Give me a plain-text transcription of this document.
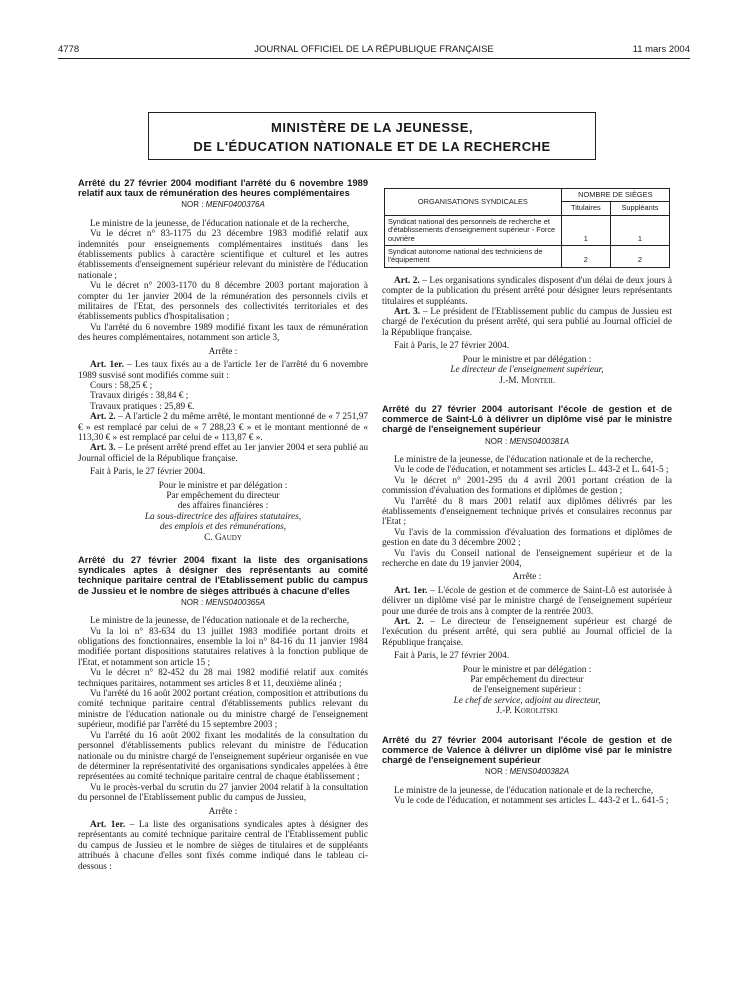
4778	JOURNAL OFFICIEL DE LA RÉPUBLIQUE FRANÇAISE	11 mars 2004
MINISTÈRE DE LA JEUNESSE,
DE L'ÉDUCATION NATIONALE ET DE LA RECHERCHE
Arrêté du 27 février 2004 modifiant l'arrêté du 6 novembre 1989 relatif aux taux de rémunération des heures complémentaires
NOR : MENF0400376A

Le ministre de la jeunesse, de l'éducation nationale et de la recherche,

Vu le décret n° 83-1175 du 23 décembre 1983 modifié relatif aux indemnités pour enseignements complémentaires institués dans les établissements publics à caractère scientifique et culturel et les autres établissements d'enseignement supérieur relevant du ministère de l'éducation nationale ;

Vu le décret n° 2003-1170 du 8 décembre 2003 portant majoration à compter du 1er janvier 2004 de la rémunération des personnels civils et militaires de l'Etat, des personnels des collectivités territoriales et des établissements publics d'hospitalisation ;

Vu l'arrêté du 6 novembre 1989 modifié fixant les taux de rémunération des heures complémentaires, notamment son article 3,

Arrête :

Art. 1er. – Les taux fixés au a de l'article 1er de l'arrêté du 6 novembre 1989 susvisé sont modifiés comme suit :

Cours : 58,25 € ;

Travaux dirigés : 38,84 € ;

Travaux pratiques : 25,89 €.

Art. 2. – A l'article 2 du même arrêté, le montant mentionné de « 7 251,97 € » est remplacé par celui de « 7 288,23 € » et le montant mentionné de « 113,30 € » est remplacé par celui de « 113,87 € ».

Art. 3. – Le présent arrêté prend effet au 1er janvier 2004 et sera publié au Journal officiel de la République française.

Fait à Paris, le 27 février 2004.

Pour le ministre et par délégation :
Par empêchement du directeur
des affaires financières :
La sous-directrice des affaires statutaires,
des emplois et des rémunérations,
C. Gaudy
Arrêté du 27 février 2004 fixant la liste des organisations syndicales aptes à désigner des représentants au comité technique paritaire central de l'Etablissement public du campus de Jussieu et le nombre de sièges attribués à chacune d'elles
NOR : MENS0400365A

Le ministre de la jeunesse, de l'éducation nationale et de la recherche,

Vu la loi n° 83-634 du 13 juillet 1983 modifiée portant droits et obligations des fonctionnaires, ensemble la loi n° 84-16 du 11 janvier 1984 modifiée portant dispositions statutaires relatives à la fonction publique de l'Etat, et notamment son article 15 ;

Vu le décret n° 82-452 du 28 mai 1982 modifié relatif aux comités techniques paritaires, notamment ses articles 8 et 11, deuxième alinéa ;

Vu l'arrêté du 16 août 2002 portant création, composition et attributions du comité technique paritaire central d'établissements publics relevant du ministre de l'éducation nationale ou du ministre chargé de l'enseignement supérieur, modifié par l'arrêté du 15 septembre 2003 ;

Vu l'arrêté du 16 août 2002 fixant les modalités de la consultation du personnel d'établissements publics relevant du ministre de l'éducation nationale ou du ministre chargé de l'enseignement supérieur organisée en vue de déterminer la représentativité des organisations syndicales appelées à être représentées au comité technique paritaire central de chaque établissement ;

Vu le procès-verbal du scrutin du 27 janvier 2004 relatif à la consultation du personnel de l'Etablissement public du campus de Jussieu,

Arrête :

Art. 1er. – La liste des organisations syndicales aptes à désigner des représentants au comité technique paritaire central de l'Etablissement public du campus de Jussieu et le nombre de sièges de titulaires et de suppléants attribués à chacune d'elles sont fixés comme indiqué dans le tableau ci-dessous :

ORGANISATIONS SYNDICALES	NOMBRE DE SIÈGES	
	Titulaires	Suppléants
Syndicat national des personnels de recherche et d'établissements d'enseignement supérieur - Force ouvrière	1	1
Syndicat autonome national des techniciens de l'équipement	2	2

Art. 2. – Les organisations syndicales disposent d'un délai de deux jours à compter de la publication du présent arrêté pour désigner leurs représentants titulaires et suppléants.

Art. 3. – Le président de l'Etablissement public du campus de Jussieu est chargé de l'exécution du présent arrêté, qui sera publié au Journal officiel de la République française.

Fait à Paris, le 27 février 2004.

Pour le ministre et par délégation :
Le directeur de l'enseignement supérieur,
J.-M. Monteil
Arrêté du 27 février 2004 autorisant l'école de gestion et de commerce de Saint-Lô à délivrer un diplôme visé par le ministre chargé de l'enseignement supérieur
NOR : MENS0400381A

Le ministre de la jeunesse, de l'éducation nationale et de la recherche,

Vu le code de l'éducation, et notamment ses articles L. 443-2 et L. 641-5 ;

Vu le décret n° 2001-295 du 4 avril 2001 portant création de la commission d'évaluation des formations et diplômes de gestion ;

Vu l'arrêté du 8 mars 2001 relatif aux diplômes délivrés par les établissements d'enseignement technique privés et consulaires reconnus par l'Etat ;

Vu l'avis de la commission d'évaluation des formations et diplômes de gestion en date du 3 décembre 2002 ;

Vu l'avis du Conseil national de l'enseignement supérieur et de la recherche en date du 19 janvier 2004,

Arrête :

Art. 1er. – L'école de gestion et de commerce de Saint-Lô est autorisée à délivrer un diplôme visé par le ministre chargé de l'enseignement supérieur pour une durée de trois ans à compter de la rentrée 2003.

Art. 2. – Le directeur de l'enseignement supérieur est chargé de l'exécution du présent arrêté, qui sera publié au Journal officiel de la République française.

Fait à Paris, le 27 février 2004.

Pour le ministre et par délégation :
Par empêchement du directeur
de l'enseignement supérieur :
Le chef de service, adjoint au directeur,
J.-P. Korolitski
Arrêté du 27 février 2004 autorisant l'école de gestion et de commerce de Valence à délivrer un diplôme visé par le ministre chargé de l'enseignement supérieur
NOR : MENS0400382A

Le ministre de la jeunesse, de l'éducation nationale et de la recherche,

Vu le code de l'éducation, et notamment ses articles L. 443-2 et L. 641-5 ;
